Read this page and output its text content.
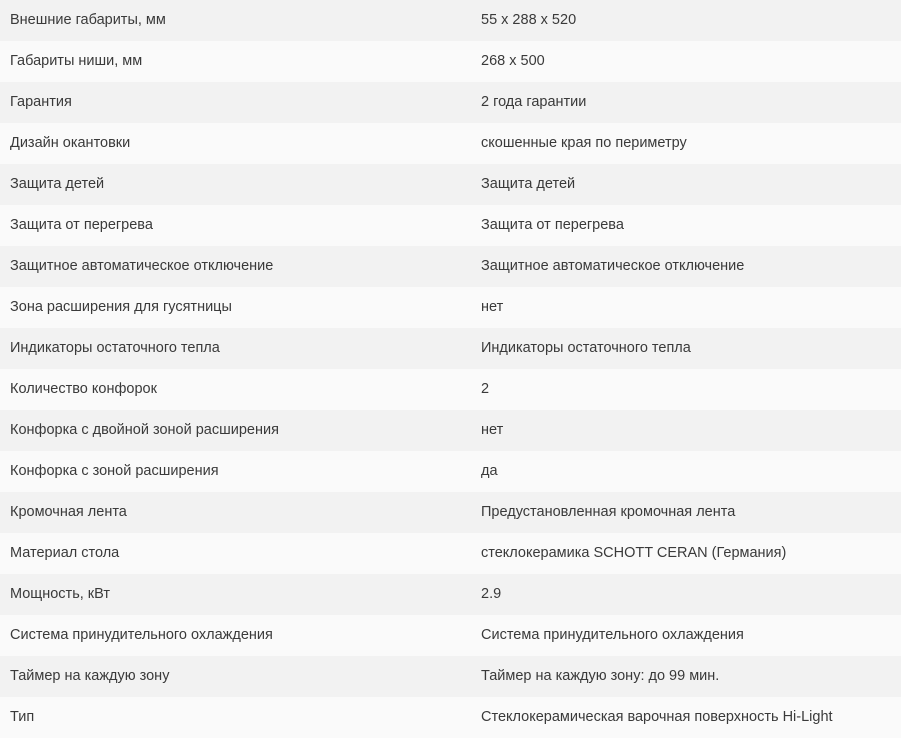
Внешние габариты, мм	55 x 288 x 520
Габариты ниши, мм	268 x 500
Гарантия	2 года гарантии
Дизайн окантовки	скошенные края по периметру
Защита детей	Защита детей
Защита от перегрева	Защита от перегрева
Защитное автоматическое отключение	Защитное автоматическое отключение
Зона расширения для гусятницы	нет
Индикаторы остаточного тепла	Индикаторы остаточного тепла
Количество конфорок	2
Конфорка с двойной зоной расширения	нет
Конфорка с зоной расширения	да
Кромочная лента	Предустановленная кромочная лента
Материал стола	стеклокерамика SCHOTT CERAN (Германия)
Мощность, кВт	2.9
Система принудительного охлаждения	Система принудительного охлаждения
Таймер на каждую зону	Таймер на каждую зону: до 99 мин.
Тип	Стеклокерамическая варочная поверхность Hi-Light
